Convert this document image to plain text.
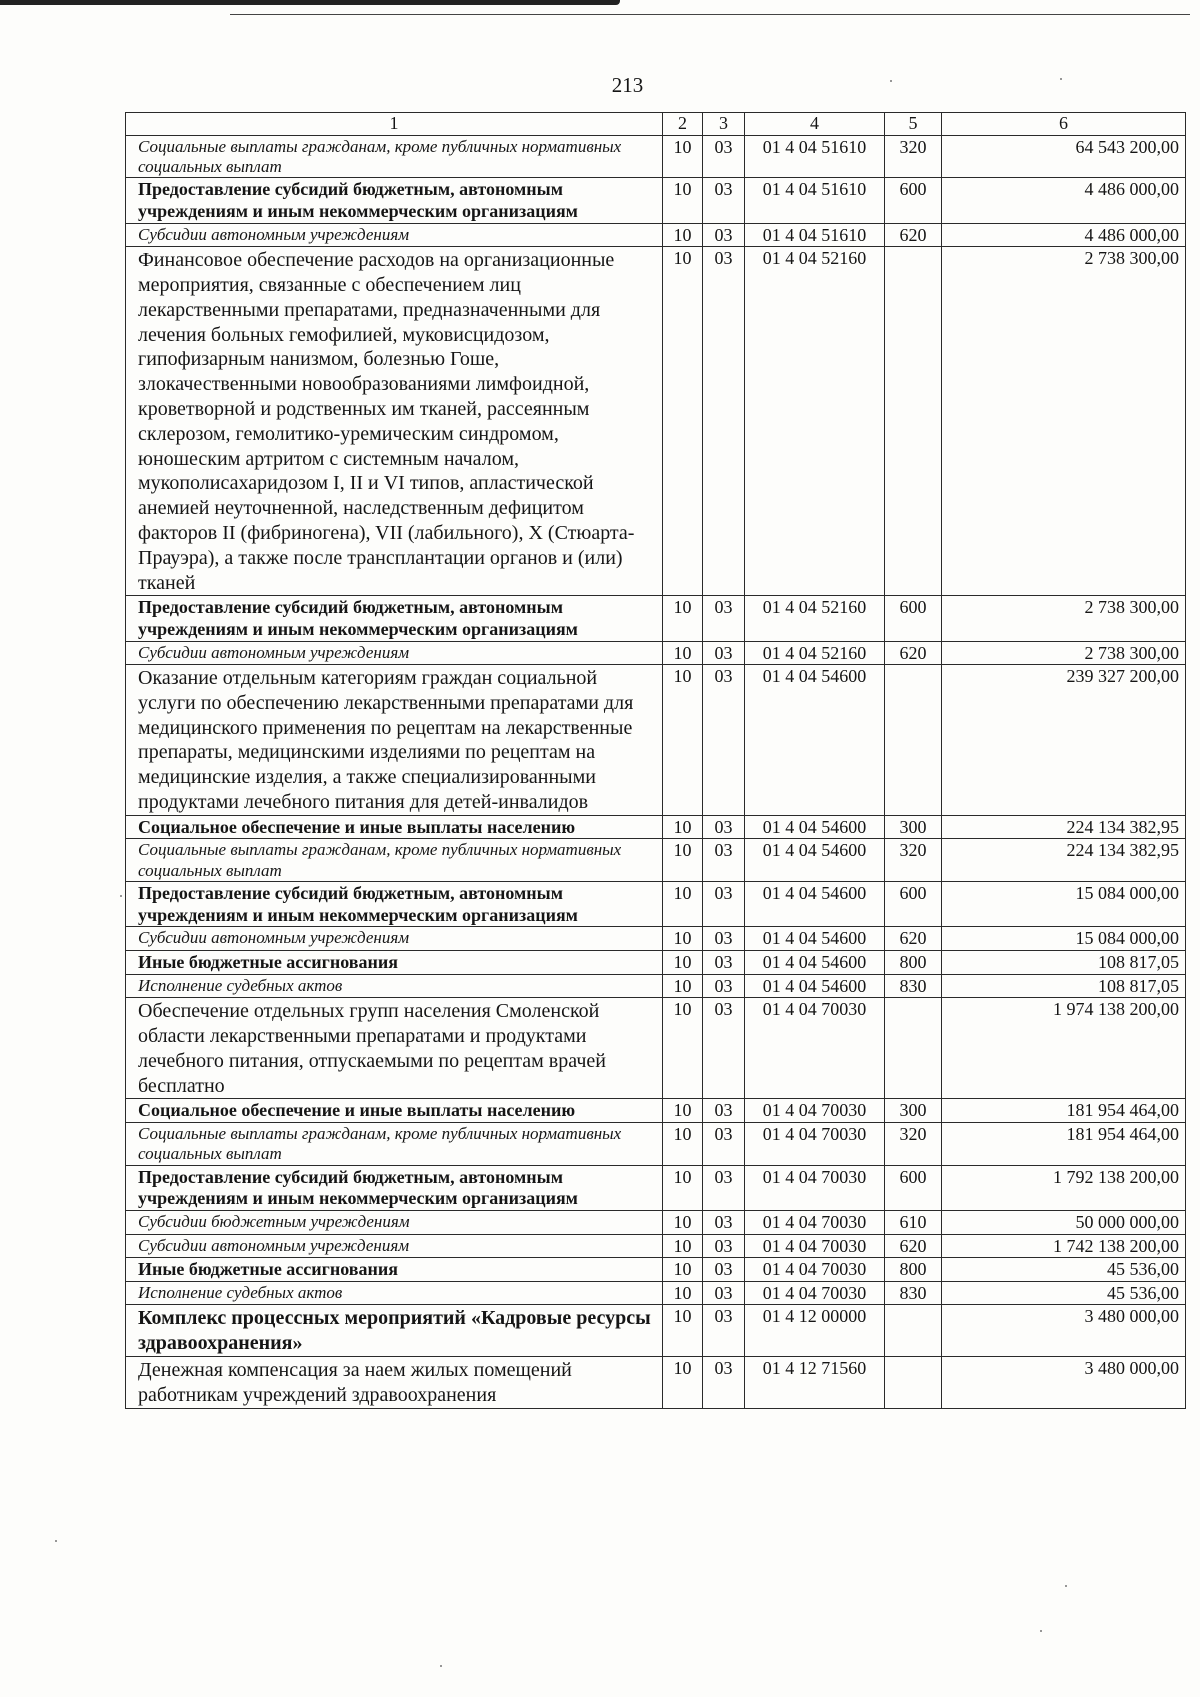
213
1	2	3	4	5	6
Социальные выплаты гражданам, кроме публичных нормативных социальных выплат	10	03	01 4 04 51610	320	64 543 200,00
Предоставление субсидий бюджетным, автономным учреждениям и иным некоммерческим организациям	10	03	01 4 04 51610	600	4 486 000,00
Субсидии автономным учреждениям	10	03	01 4 04 51610	620	4 486 000,00
Финансовое обеспечение расходов на организационные мероприятия, связанные с обеспечением лиц лекарственными препаратами, предназначенными для лечения больных гемофилией, муковисцидозом, гипофизарным нанизмом, болезнью Гоше, злокачественными новообразованиями лимфоидной, кроветворной и родственных им тканей, рассеянным склерозом, гемолитико-уремическим синдромом, юношеским артритом с системным началом, мукополисахаридозом I, II и VI типов, апластической анемией неуточненной, наследственным дефицитом факторов II (фибриногена), VII (лабильного), X (Стюарта-Прауэра), а также после трансплантации органов и (или) тканей	10	03	01 4 04 52160		2 738 300,00
Предоставление субсидий бюджетным, автономным учреждениям и иным некоммерческим организациям	10	03	01 4 04 52160	600	2 738 300,00
Субсидии автономным учреждениям	10	03	01 4 04 52160	620	2 738 300,00
Оказание отдельным категориям граждан социальной услуги по обеспечению лекарственными препаратами для медицинского применения по рецептам на лекарственные препараты, медицинскими изделиями по рецептам на медицинские изделия, а также специализированными продуктами лечебного питания для детей-инвалидов	10	03	01 4 04 54600		239 327 200,00
Социальное обеспечение и иные выплаты населению	10	03	01 4 04 54600	300	224 134 382,95
Социальные выплаты гражданам, кроме публичных нормативных социальных выплат	10	03	01 4 04 54600	320	224 134 382,95
Предоставление субсидий бюджетным, автономным учреждениям и иным некоммерческим организациям	10	03	01 4 04 54600	600	15 084 000,00
Субсидии автономным учреждениям	10	03	01 4 04 54600	620	15 084 000,00
Иные бюджетные ассигнования	10	03	01 4 04 54600	800	108 817,05
Исполнение судебных актов	10	03	01 4 04 54600	830	108 817,05
Обеспечение отдельных групп населения Смоленской области лекарственными препаратами и продуктами лечебного питания, отпускаемыми по рецептам врачей бесплатно	10	03	01 4 04 70030		1 974 138 200,00
Социальное обеспечение и иные выплаты населению	10	03	01 4 04 70030	300	181 954 464,00
Социальные выплаты гражданам, кроме публичных нормативных социальных выплат	10	03	01 4 04 70030	320	181 954 464,00
Предоставление субсидий бюджетным, автономным учреждениям и иным некоммерческим организациям	10	03	01 4 04 70030	600	1 792 138 200,00
Субсидии бюджетным учреждениям	10	03	01 4 04 70030	610	50 000 000,00
Субсидии автономным учреждениям	10	03	01 4 04 70030	620	1 742 138 200,00
Иные бюджетные ассигнования	10	03	01 4 04 70030	800	45 536,00
Исполнение судебных актов	10	03	01 4 04 70030	830	45 536,00
Комплекс процессных мероприятий «Кадровые ресурсы здравоохранения»	10	03	01 4 12 00000		3 480 000,00
Денежная компенсация за наем жилых помещений работникам учреждений здравоохранения	10	03	01 4 12 71560		3 480 000,00
